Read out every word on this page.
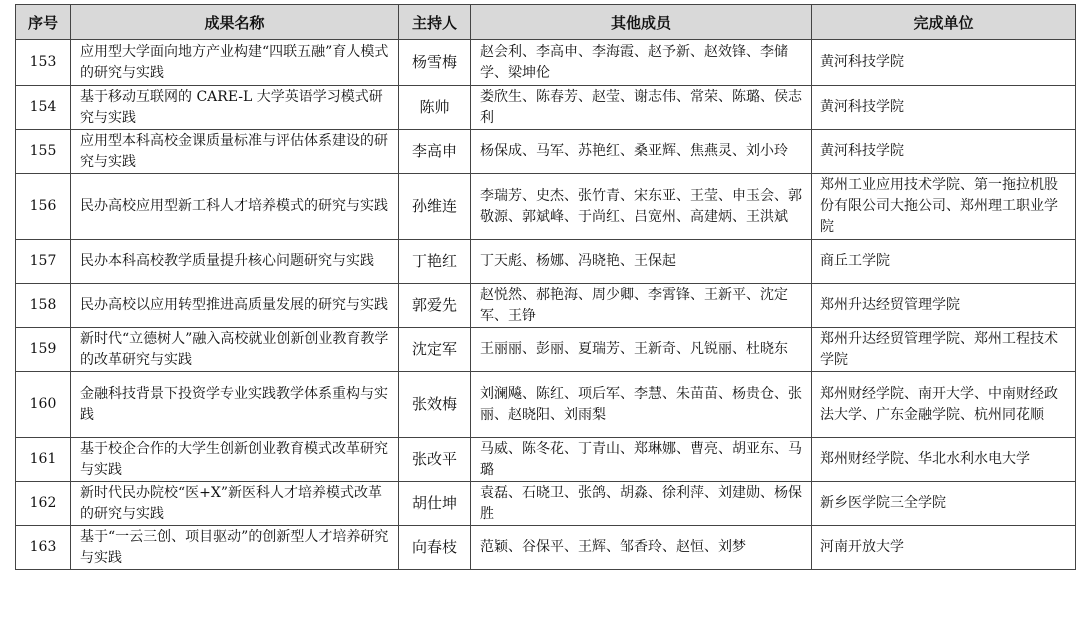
序号	成果名称	主持人	其他成员	完成单位
153	应用型大学面向地方产业构建“四联五融”育人模式的研究与实践	杨雪梅	赵会利、李高申、李海霞、赵予新、赵效锋、李储学、梁坤伦	黄河科技学院
154	基于移动互联网的 CARE-L 大学英语学习模式研究与实践	陈帅	娄欣生、陈春芳、赵莹、谢志伟、常荣、陈璐、侯志利	黄河科技学院
155	应用型本科高校金课质量标准与评估体系建设的研究与实践	李高申	杨保成、马军、苏艳红、桑亚辉、焦燕灵、刘小玲	黄河科技学院
156	民办高校应用型新工科人才培养模式的研究与实践	孙维连	李瑞芳、史杰、张竹青、宋东亚、王莹、申玉会、郭敬源、郭斌峰、于尚红、吕宽州、高建炳、王洪斌	郑州工业应用技术学院、第一拖拉机股份有限公司大拖公司、郑州理工职业学院
157	民办本科高校教学质量提升核心问题研究与实践	丁艳红	丁天彪、杨娜、冯晓艳、王保起	商丘工学院
158	民办高校以应用转型推进高质量发展的研究与实践	郭爱先	赵悦然、郝艳海、周少卿、李霄锋、王新平、沈定军、王铮	郑州升达经贸管理学院
159	新时代“立德树人”融入高校就业创新创业教育教学的改革研究与实践	沈定军	王丽丽、彭丽、夏瑞芳、王新奇、凡锐丽、杜晓东	郑州升达经贸管理学院、郑州工程技术学院
160	金融科技背景下投资学专业实践教学体系重构与实践	张效梅	刘澜飚、陈红、项后军、李慧、朱苗苗、杨贵仓、张丽、赵晓阳、刘雨梨	郑州财经学院、南开大学、中南财经政法大学、广东金融学院、杭州同花顺
161	基于校企合作的大学生创新创业教育模式改革研究与实践	张改平	马威、陈冬花、丁青山、郑琳娜、曹亮、胡亚东、马璐	郑州财经学院、华北水利水电大学
162	新时代民办院校“医+X”新医科人才培养模式改革的研究与实践	胡仕坤	袁磊、石晓卫、张鸽、胡淼、徐利萍、刘建勋、杨保胜	新乡医学院三全学院
163	基于“一云三创、项目驱动”的创新型人才培养研究与实践	向春枝	范颖、谷保平、王辉、邹香玲、赵恒、刘梦	河南开放大学
